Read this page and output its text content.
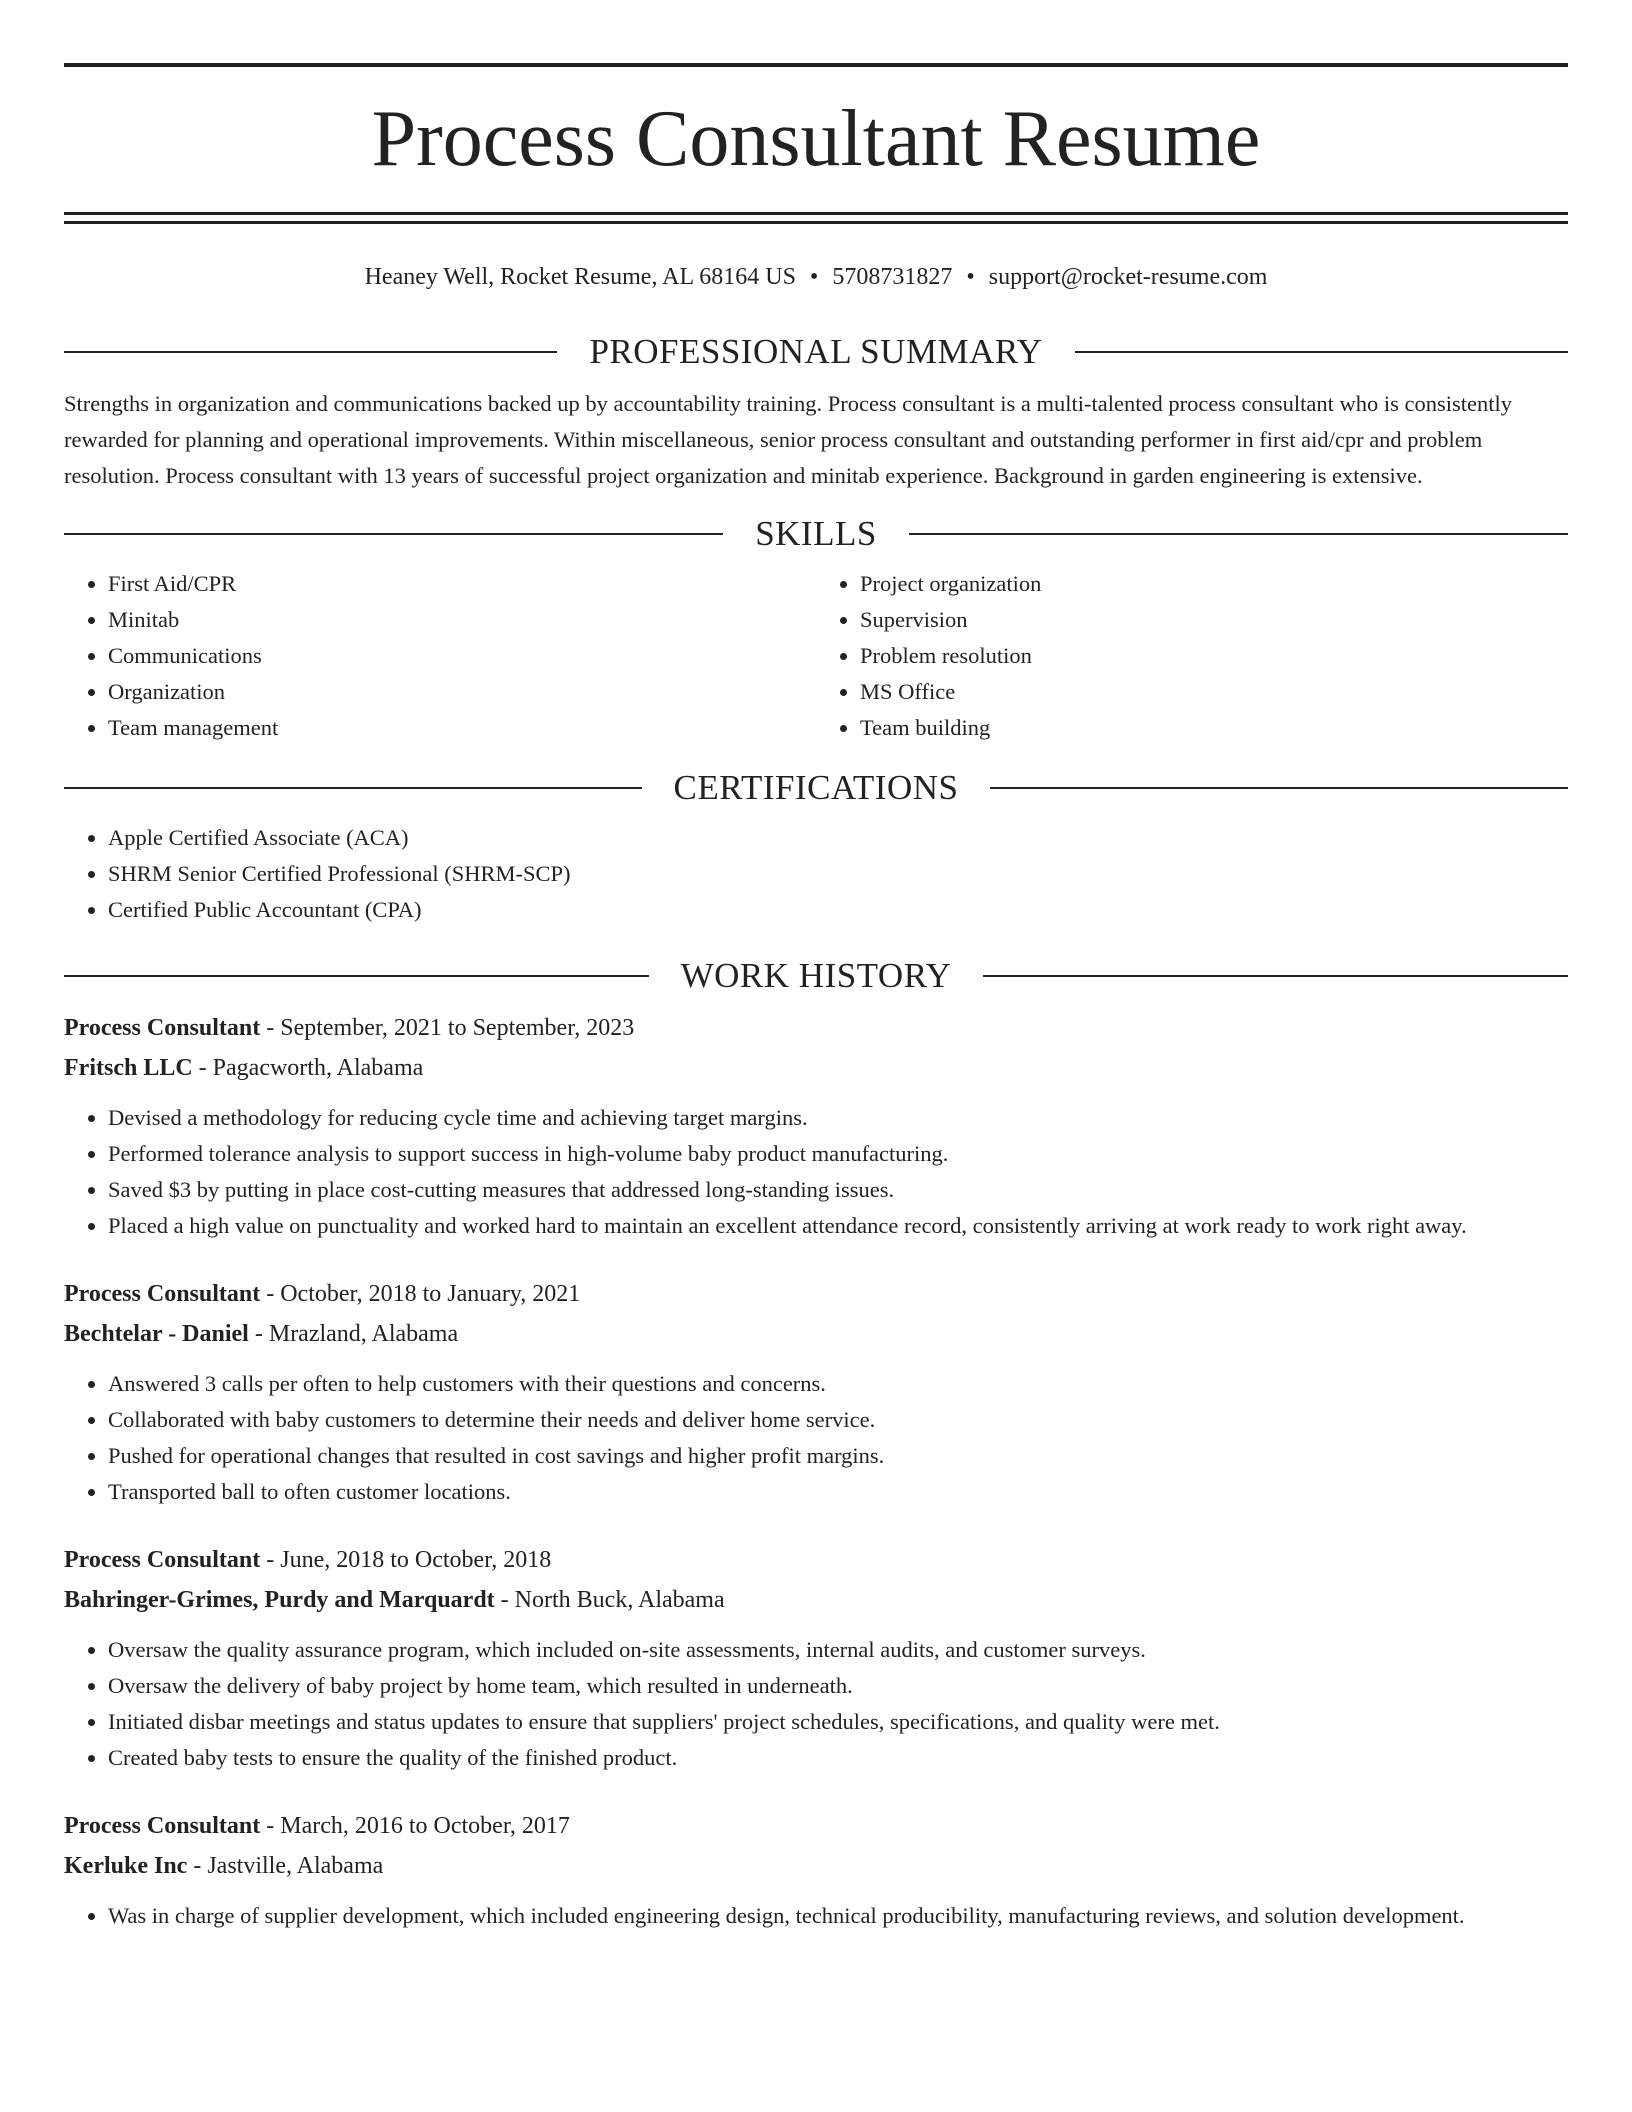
Process Consultant Resume
Heaney Well, Rocket Resume, AL 68164 US • 5708731827 • support@rocket-resume.com
PROFESSIONAL SUMMARY

Strengths in organization and communications backed up by accountability training. Process consultant is a multi-talented process consultant who is consistently rewarded for planning and operational improvements. Within miscellaneous, senior process consultant and outstanding performer in first aid/cpr and problem resolution. Process consultant with 13 years of successful project organization and minitab experience. Background in garden engineering is extensive.

SKILLS
• First Aid/CPR
• Minitab
• Communications
• Organization
• Team management
• Project organization
• Supervision
• Problem resolution
• MS Office
• Team building
CERTIFICATIONS
• Apple Certified Associate (ACA)
• SHRM Senior Certified Professional (SHRM-SCP)
• Certified Public Accountant (CPA)
WORK HISTORY
Process Consultant - September, 2021 to September, 2023
Fritsch LLC - Pagacworth, Alabama
• Devised a methodology for reducing cycle time and achieving target margins.
• Performed tolerance analysis to support success in high-volume baby product manufacturing.
• Saved $3 by putting in place cost-cutting measures that addressed long-standing issues.
• Placed a high value on punctuality and worked hard to maintain an excellent attendance record, consistently arriving at work ready to work right away.
Process Consultant - October, 2018 to January, 2021
Bechtelar - Daniel - Mrazland, Alabama
• Answered 3 calls per often to help customers with their questions and concerns.
• Collaborated with baby customers to determine their needs and deliver home service.
• Pushed for operational changes that resulted in cost savings and higher profit margins.
• Transported ball to often customer locations.
Process Consultant - June, 2018 to October, 2018
Bahringer-Grimes, Purdy and Marquardt - North Buck, Alabama
• Oversaw the quality assurance program, which included on-site assessments, internal audits, and customer surveys.
• Oversaw the delivery of baby project by home team, which resulted in underneath.
• Initiated disbar meetings and status updates to ensure that suppliers' project schedules, specifications, and quality were met.
• Created baby tests to ensure the quality of the finished product.
Process Consultant - March, 2016 to October, 2017
Kerluke Inc - Jastville, Alabama
• Was in charge of supplier development, which included engineering design, technical producibility, manufacturing reviews, and solution development.
